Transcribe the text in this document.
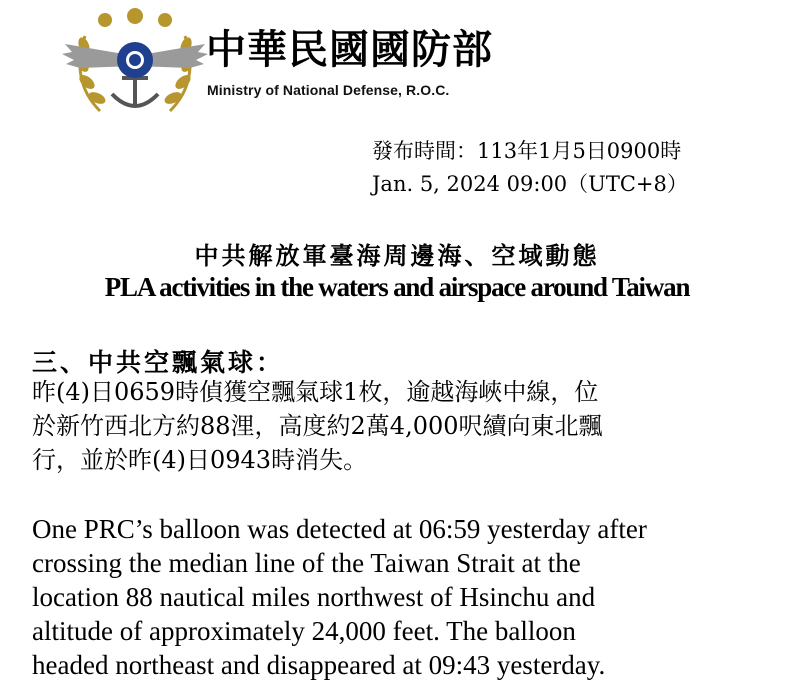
中華民國國防部
Ministry of National Defense, R.O.C.
發布時間：113年1月5日0900時
Jan. 5, 2024 09:00（UTC+8）
中共解放軍臺海周邊海、空域動態
PLA activities in the waters and airspace around Taiwan
三、中共空飄氣球：
昨(4)日0659時偵獲空飄氣球1枚，逾越海峽中線，位
於新竹西北方約88浬，高度約2萬4,000呎續向東北飄
行，並於昨(4)日0943時消失。
One PRC’s balloon was detected at 06:59 yesterday after
crossing the median line of the Taiwan Strait at the
location 88 nautical miles northwest of Hsinchu and
altitude of approximately 24,000 feet. The balloon
headed northeast and disappeared at 09:43 yesterday.
